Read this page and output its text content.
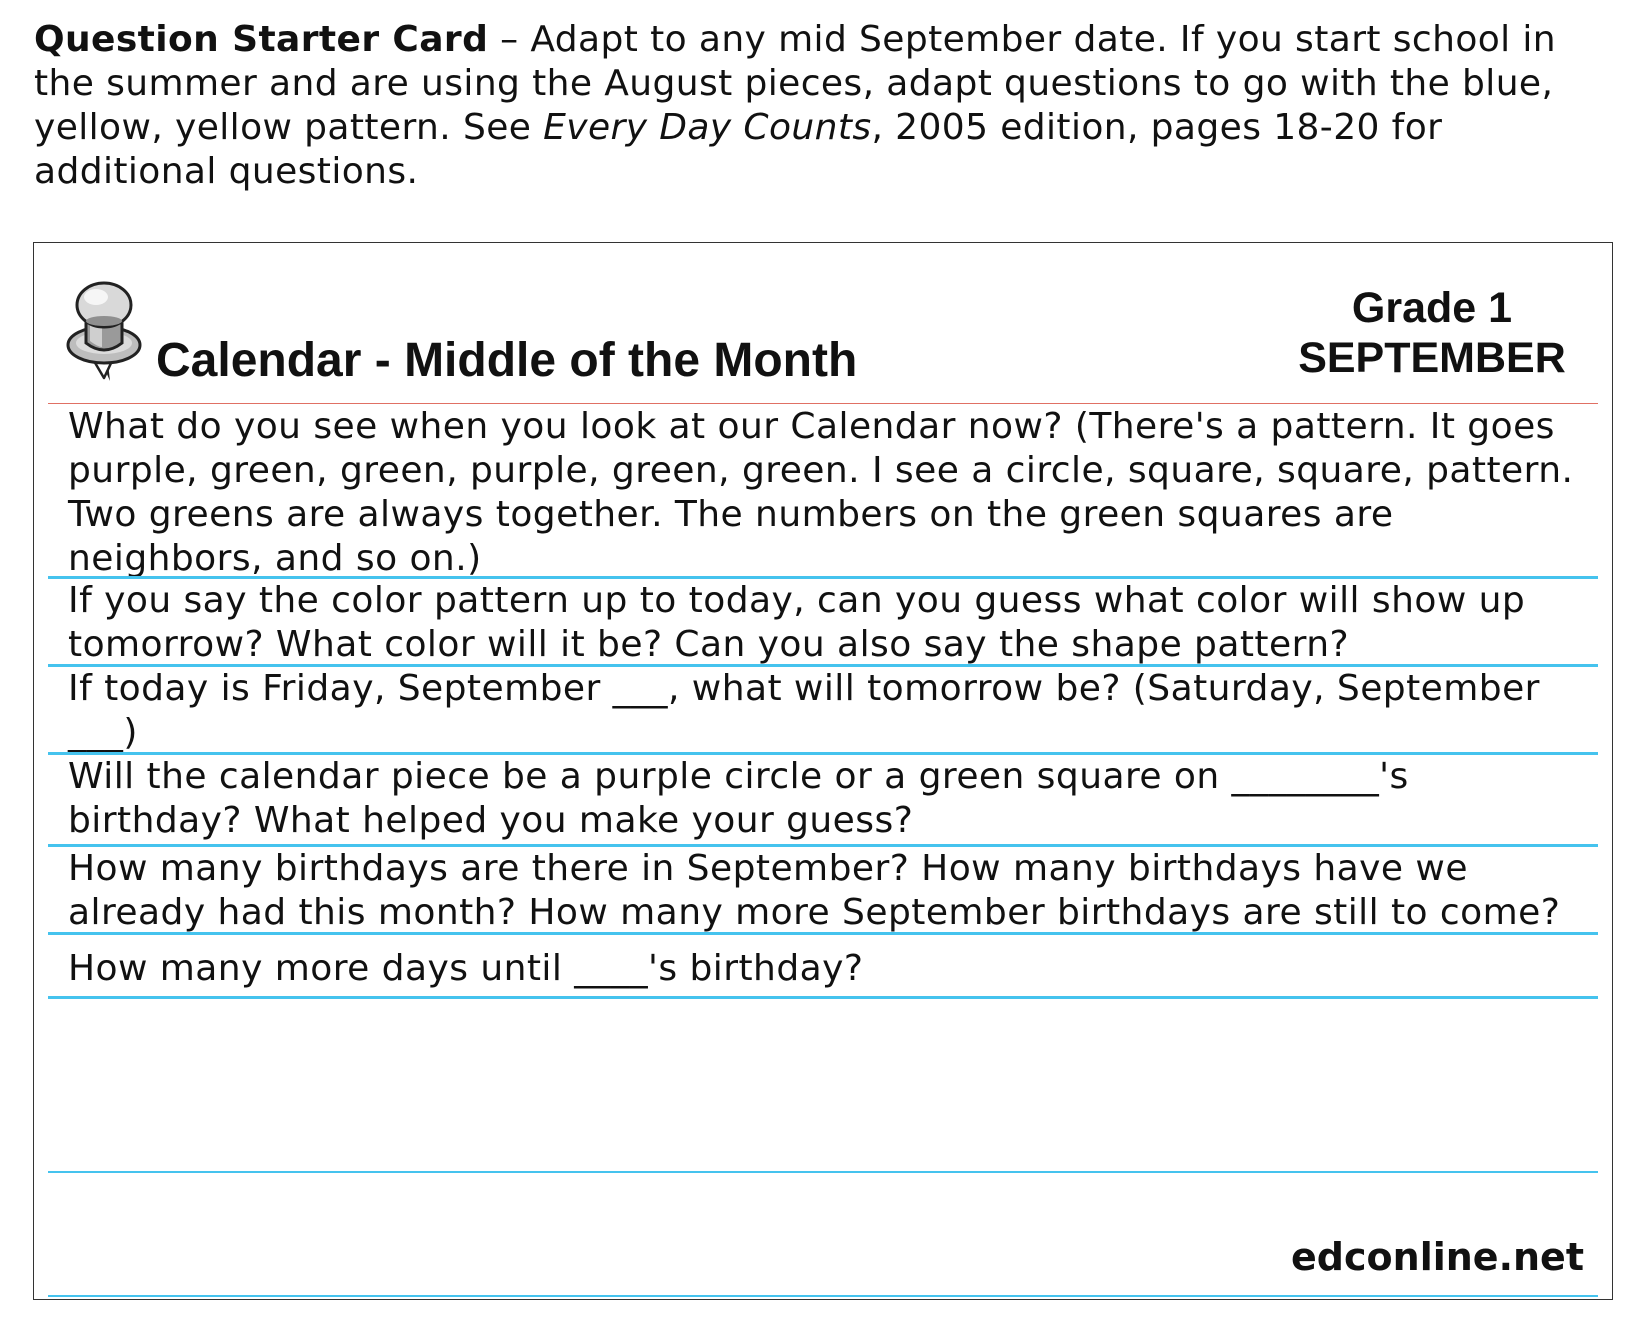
Question Starter Card – Adapt to any mid September date. If you start school in the summer and are using the August pieces, adapt questions to go with the blue, yellow, yellow pattern. See Every Day Counts, 2005 edition, pages 18-20 for additional questions.

Calendar - Middle of the Month
Grade 1
SEPTEMBER
What do you see when you look at our Calendar now? (There's a pattern. It goes purple, green, green, purple, green, green. I see a circle, square, square, pattern. Two greens are always together. The numbers on the green squares are neighbors, and so on.)
If you say the color pattern up to today, can you guess what color will show up tomorrow? What color will it be? Can you also say the shape pattern?
If today is Friday, September ___, what will tomorrow be? (Saturday, September ___)
Will the calendar piece be a purple circle or a green square on ________'s birthday? What helped you make your guess?
How many birthdays are there in September? How many birthdays have we already had this month? How many more September birthdays are still to come?
How many more days until ____'s birthday?
edconline.net
